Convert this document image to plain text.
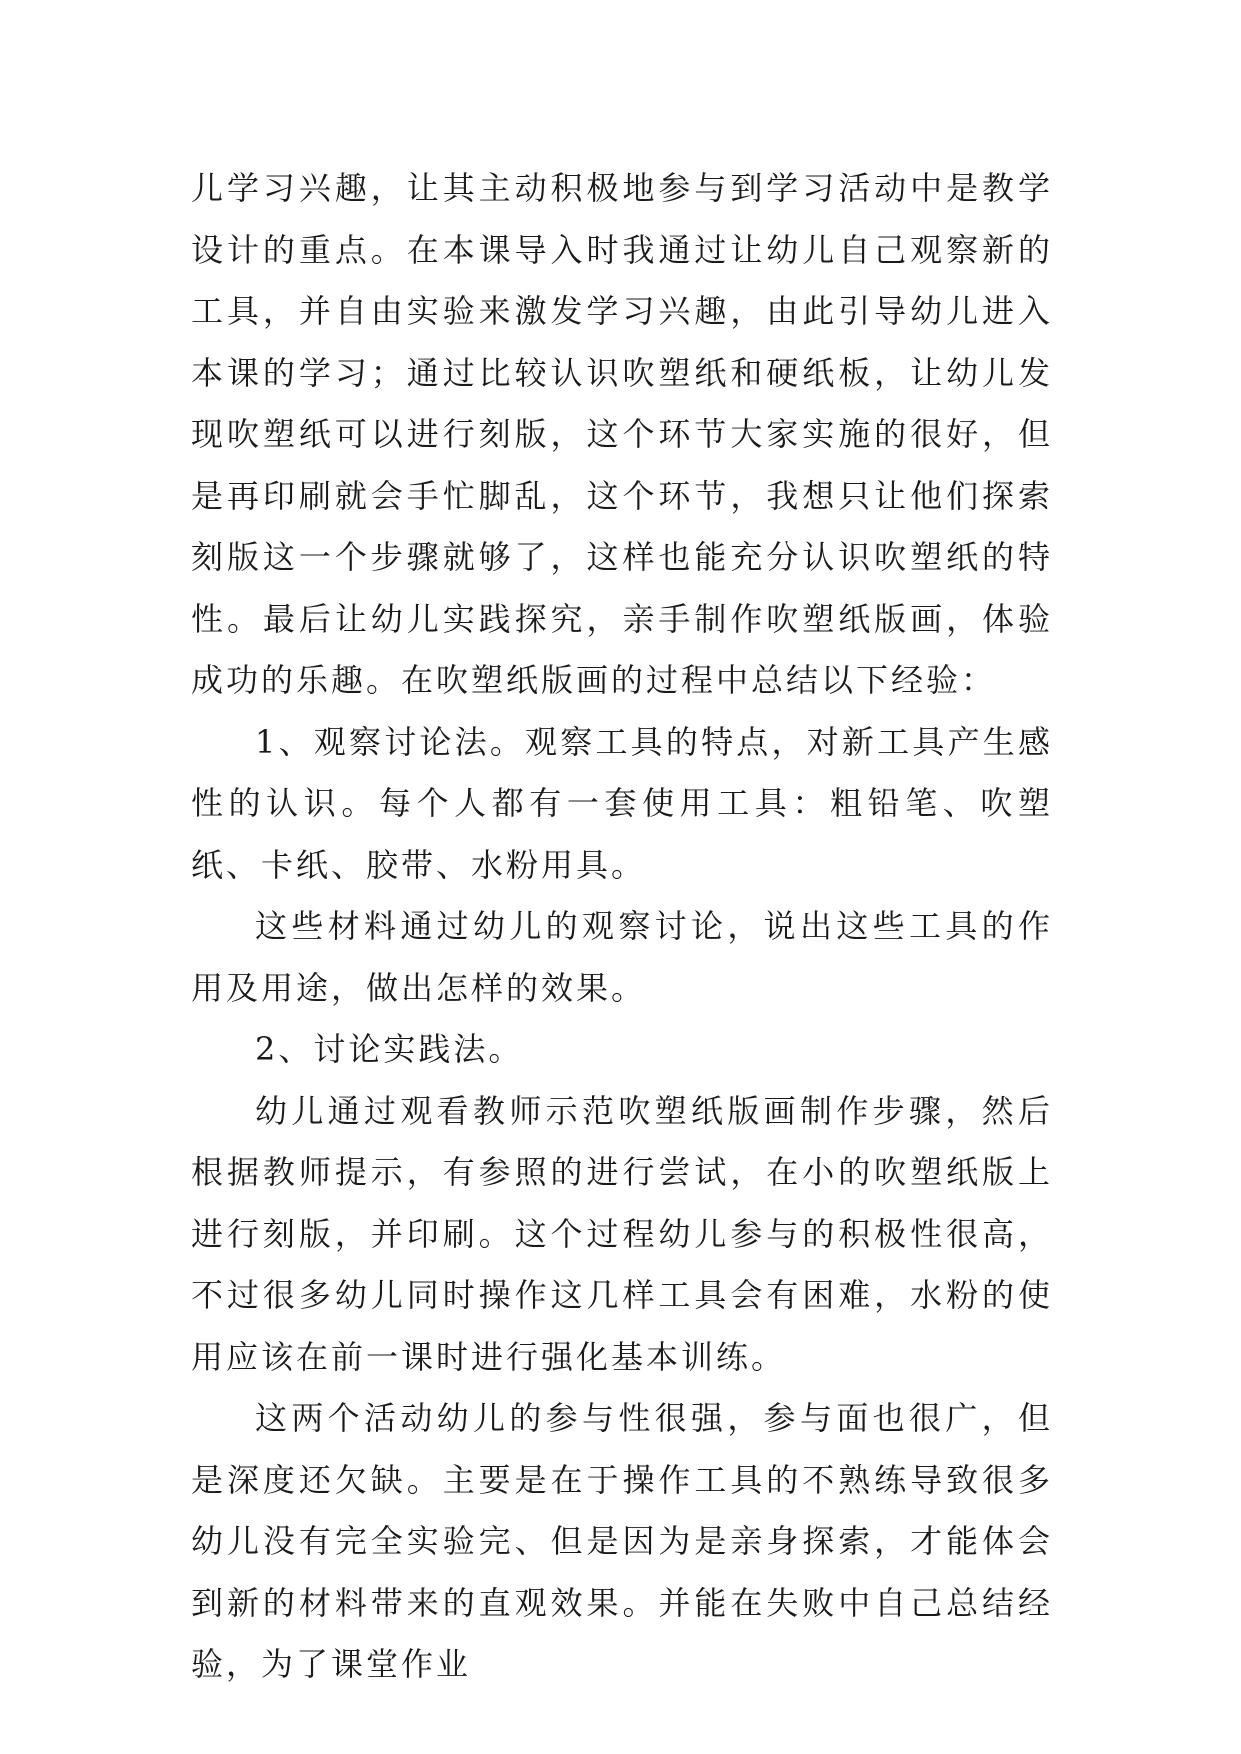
儿学习兴趣，让其主动积极地参与到学习活动中是教学设计的重点。在本课导入时我通过让幼儿自己观察新的工具，并自由实验来激发学习兴趣，由此引导幼儿进入本课的学习；通过比较认识吹塑纸和硬纸板，让幼儿发现吹塑纸可以进行刻版，这个环节大家实施的很好，但是再印刷就会手忙脚乱，这个环节，我想只让他们探索刻版这一个步骤就够了，这样也能充分认识吹塑纸的特性。最后让幼儿实践探究，亲手制作吹塑纸版画，体验成功的乐趣。在吹塑纸版画的过程中总结以下经验：

1、观察讨论法。观察工具的特点，对新工具产生感性的认识。每个人都有一套使用工具：粗铅笔、吹塑纸、卡纸、胶带、水粉用具。

这些材料通过幼儿的观察讨论，说出这些工具的作用及用途，做出怎样的效果。

2、讨论实践法。

幼儿通过观看教师示范吹塑纸版画制作步骤，然后根据教师提示，有参照的进行尝试，在小的吹塑纸版上进行刻版，并印刷。这个过程幼儿参与的积极性很高，不过很多幼儿同时操作这几样工具会有困难，水粉的使用应该在前一课时进行强化基本训练。

这两个活动幼儿的参与性很强，参与面也很广，但是深度还欠缺。主要是在于操作工具的不熟练导致很多幼儿没有完全实验完、但是因为是亲身探索，才能体会到新的材料带来的直观效果。并能在失败中自己总结经验，为了课堂作业
